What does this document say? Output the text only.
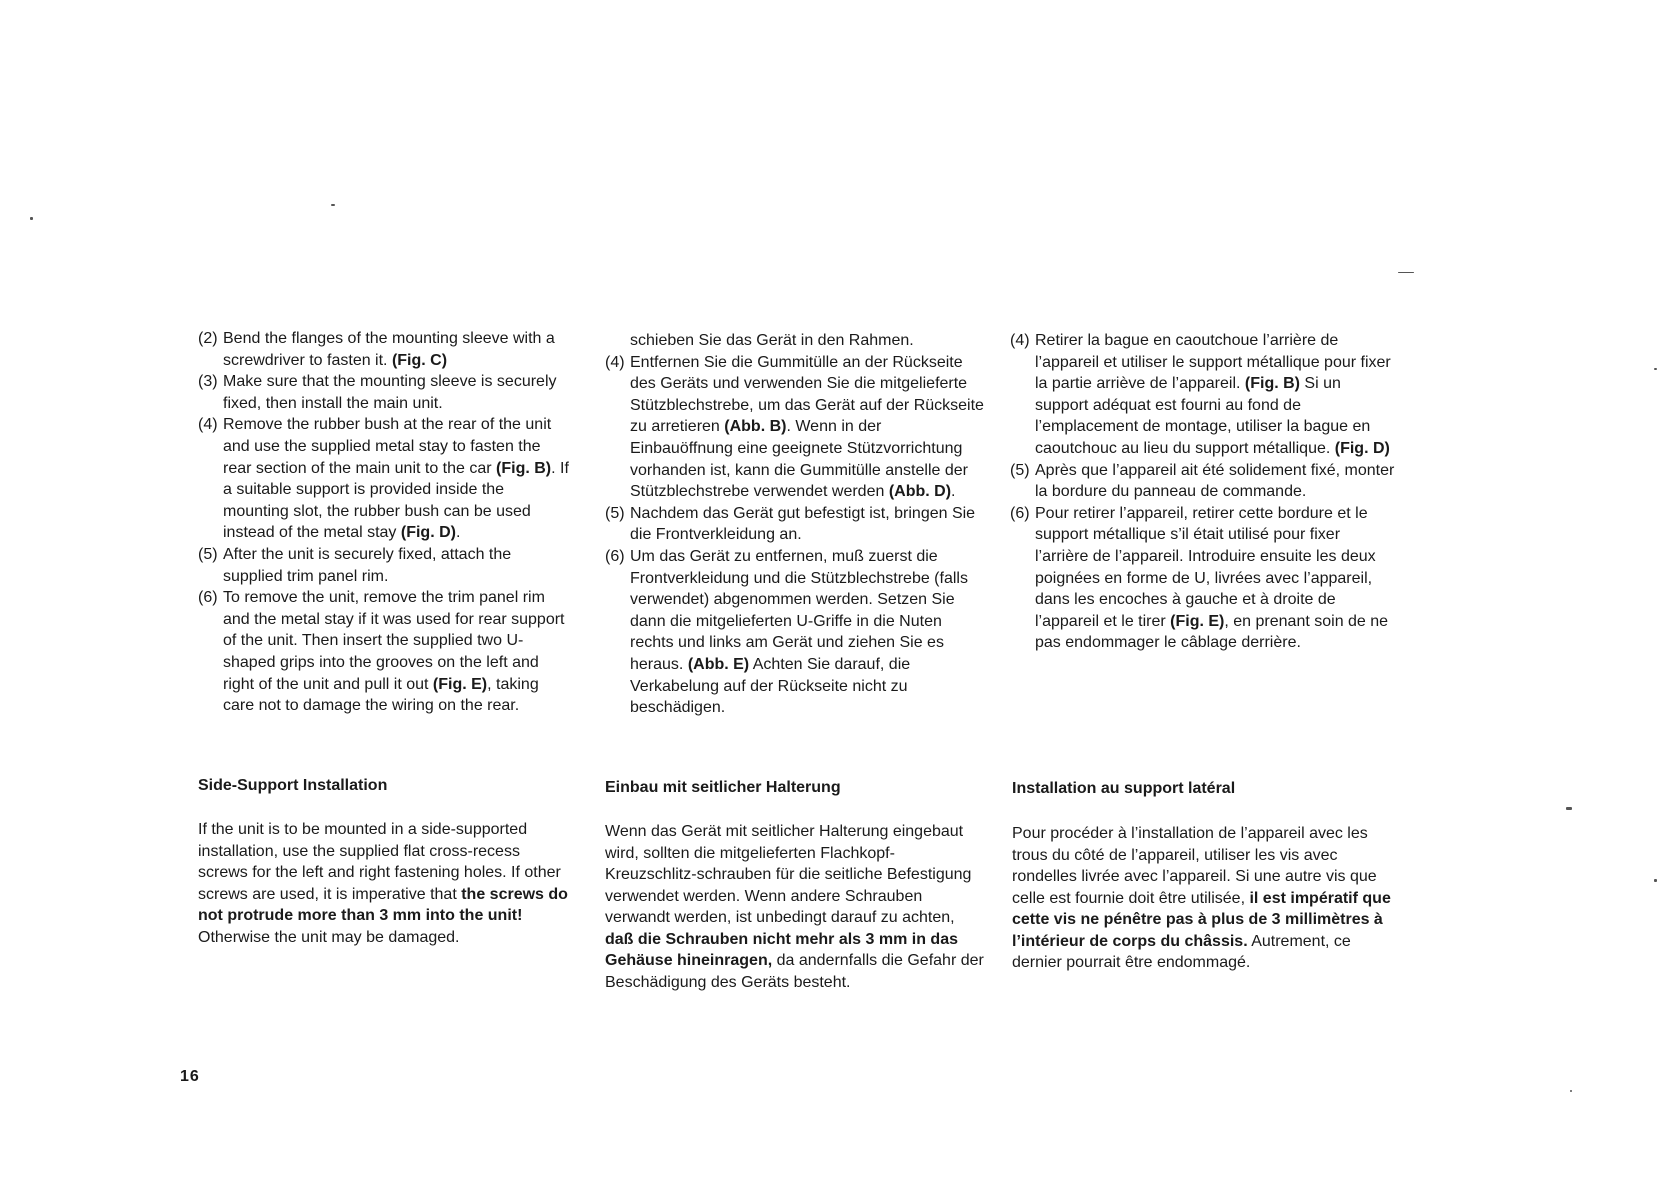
(2) Bend the flanges of the mounting sleeve with a screwdriver to fasten it. (Fig. C)

(3) Make sure that the mounting sleeve is securely fixed, then install the main unit.

(4) Remove the rubber bush at the rear of the unit and use the supplied metal stay to fasten the rear section of the main unit to the car (Fig. B). If a suitable support is provided inside the mounting slot, the rubber bush can be used instead of the metal stay (Fig. D).

(5) After the unit is securely fixed, attach the supplied trim panel rim.

(6) To remove the unit, remove the trim panel rim and the metal stay if it was used for rear support of the unit. Then insert the supplied two U-shaped grips into the grooves on the left and right of the unit and pull it out (Fig. E), taking care not to damage the wiring on the rear.

Side-Support Installation
If the unit is to be mounted in a side-supported installation, use the supplied flat cross-recess screws for the left and right fastening holes. If other screws are used, it is imperative that the screws do not protrude more than 3 mm into the unit! Otherwise the unit may be damaged.
schieben Sie das Gerät in den Rahmen.

(4) Entfernen Sie die Gummitülle an der Rückseite des Geräts und verwenden Sie die mitgelieferte Stützblechstrebe, um das Gerät auf der Rückseite zu arretieren (Abb. B). Wenn in der Einbauöffnung eine geeignete Stützvorrichtung vorhanden ist, kann die Gummitülle anstelle der Stützblechstrebe verwendet werden (Abb. D).

(5) Nachdem das Gerät gut befestigt ist, bringen Sie die Frontverkleidung an.

(6) Um das Gerät zu entfernen, muß zuerst die Frontverkleidung und die Stützblechstrebe (falls verwendet) abgenommen werden. Setzen Sie dann die mitgelieferten U-Griffe in die Nuten rechts und links am Gerät und ziehen Sie es heraus. (Abb. E) Achten Sie darauf, die Verkabelung auf der Rückseite nicht zu beschädigen.

Einbau mit seitlicher Halterung
Wenn das Gerät mit seitlicher Halterung eingebaut wird, sollten die mitgelieferten Flachkopf-Kreuzschlitz-schrauben für die seitliche Befestigung verwendet werden. Wenn andere Schrauben verwandt werden, ist unbedingt darauf zu achten, daß die Schrauben nicht mehr als 3 mm in das Gehäuse hineinragen, da andernfalls die Gefahr der Beschädigung des Geräts besteht.

(4) Retirer la bague en caoutchoue l’arrière de l’appareil et utiliser le support métallique pour fixer la partie arriève de l’appareil. (Fig. B) Si un support adéquat est fourni au fond de l’emplacement de montage, utiliser la bague en caoutchouc au lieu du support métallique. (Fig. D)

(5) Après que l’appareil ait été solidement fixé, monter la bordure du panneau de commande.

(6) Pour retirer l’appareil, retirer cette bordure et le support métallique s’il était utilisé pour fixer l’arrière de l’appareil. Introduire ensuite les deux poignées en forme de U, livrées avec l’appareil, dans les encoches à gauche et à droite de l’appareil et le tirer (Fig. E), en prenant soin de ne pas endommager le câblage derrière.

Installation au support latéral
Pour procéder à l’installation de l’appareil avec les trous du côté de l’appareil, utiliser les vis avec rondelles livrée avec l’appareil. Si une autre vis que celle est fournie doit être utilisée, il est impératif que cette vis ne pénêtre pas à plus de 3 millimètres à l’intérieur de corps du châssis. Autrement, ce dernier pourrait être endommagé.
16
